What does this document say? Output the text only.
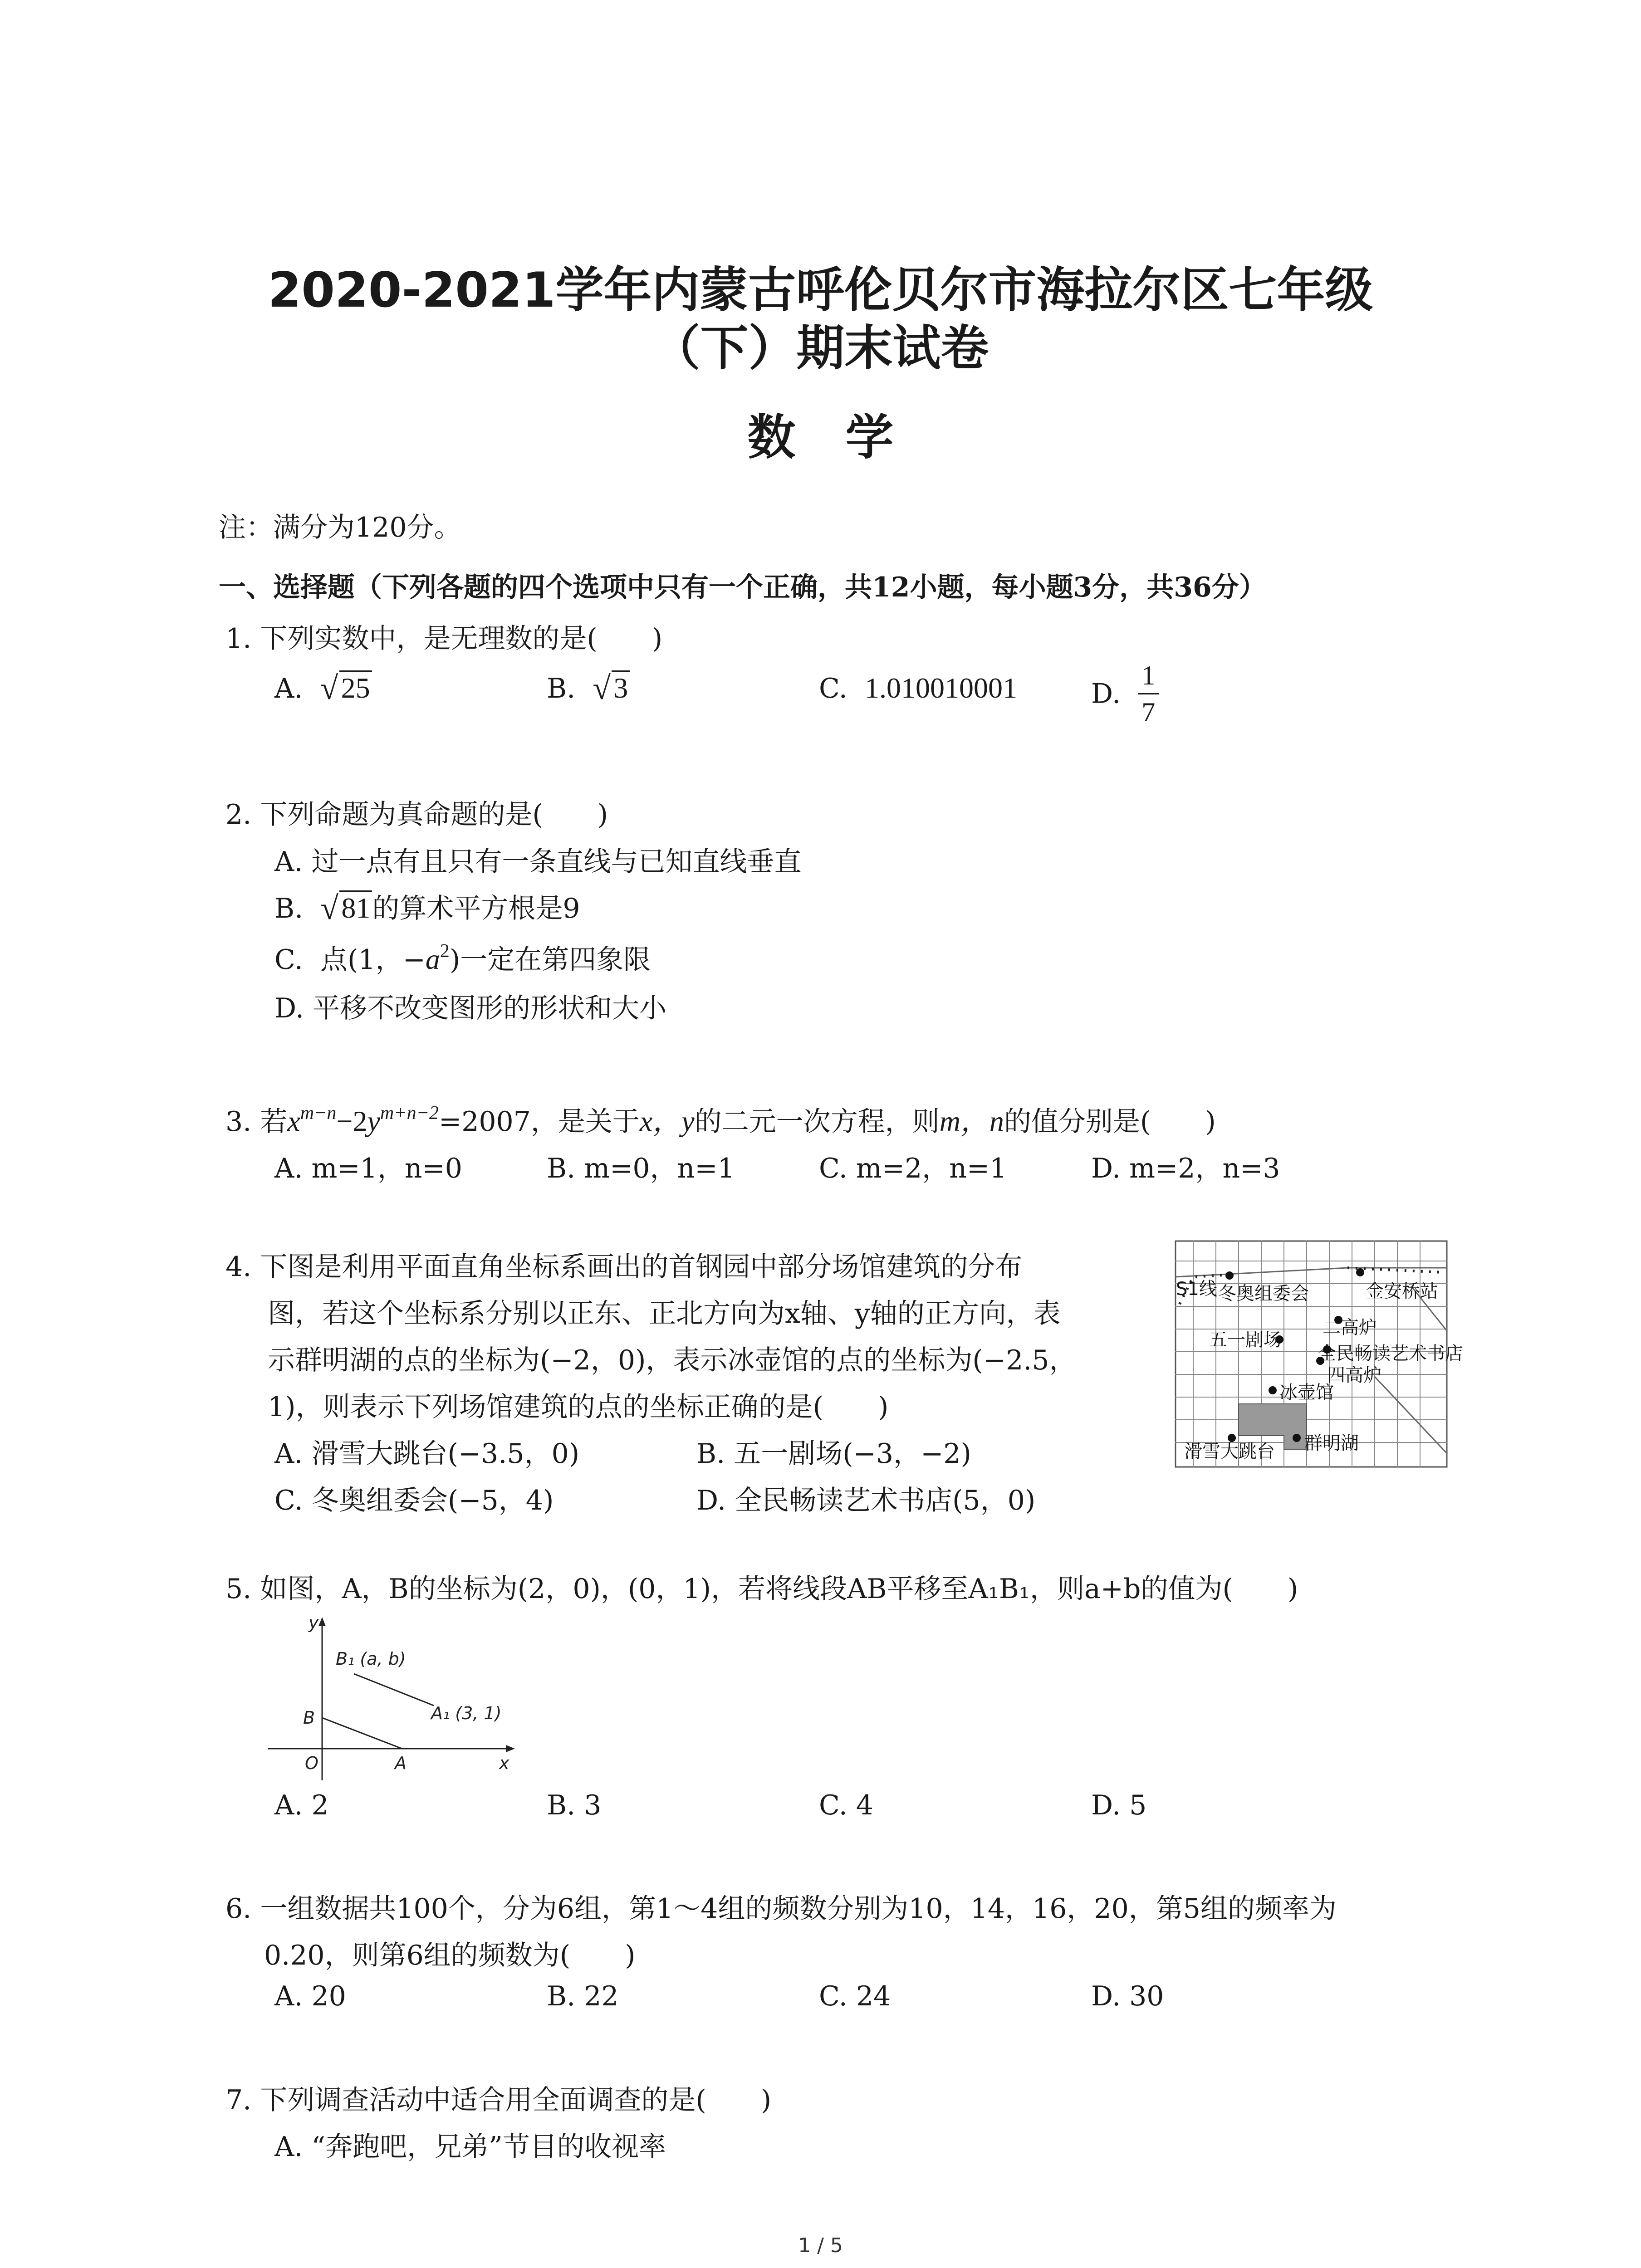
2020-2021学年内蒙古呼伦贝尔市海拉尔区七年级
（下）期末试卷
数学
注：满分为120分。
一、选择题（下列各题的四个选项中只有一个正确，共12小题，每小题3分，共36分）
1. 下列实数中，是无理数的是(　　)
A. √ 25	B. √ 3	C. 1.010010001	D. $\frac{1}{7}$
2. 下列命题为真命题的是(　　)
A. 过一点有且只有一条直线与已知直线垂直
B. √ 81的算术平方根是9
C. 点(1，$-a^2$)一定在第四象限
D. 平移不改变图形的形状和大小
3. 若$x^{m-n}-2y^{m+n-2}=2007$，是关于x，y的二元一次方程，则m，n的值分别是(　　)
A. m=1，n=0	B. m=0，n=1	C. m=2，n=1	D. m=2，n=3
4. 下图是利用平面直角坐标系画出的首钢园中部分场馆建筑的分布
图，若这个坐标系分别以正东、正北方向为x轴、y轴的正方向，表
示群明湖的点的坐标为(−2，0)，表示冰壶馆的点的坐标为(−2.5，
1)，则表示下列场馆建筑的点的坐标正确的是(　　)
A. 滑雪大跳台(−3.5，0)	B. 五一剧场(−3，−2)
C. 冬奥组委会(−5，4)	D. 全民畅读艺术书店(5，0)
S1线 冬奥组委会	金安桥站
二高炉
五一剧场
全民畅读艺术书店
四高炉
冰壶馆
滑雪大跳台 群明湖
5. 如图，A，B的坐标为(2，0)，(0，1)，若将线段AB平移至A₁B₁，则a+b的值为(　　)
y
x
O	A
B
B₁ (a, b)
A₁ (3, 1)
A. 2	B. 3	C. 4	D. 5
6. 一组数据共100个，分为6组，第1～4组的频数分别为10，14，16，20，第5组的频率为
0.20，则第6组的频数为(　　)
A. 20	B. 22	C. 24	D. 30
7. 下列调查活动中适合用全面调查的是(　　)
A. “奔跑吧，兄弟”节目的收视率
1 / 5
